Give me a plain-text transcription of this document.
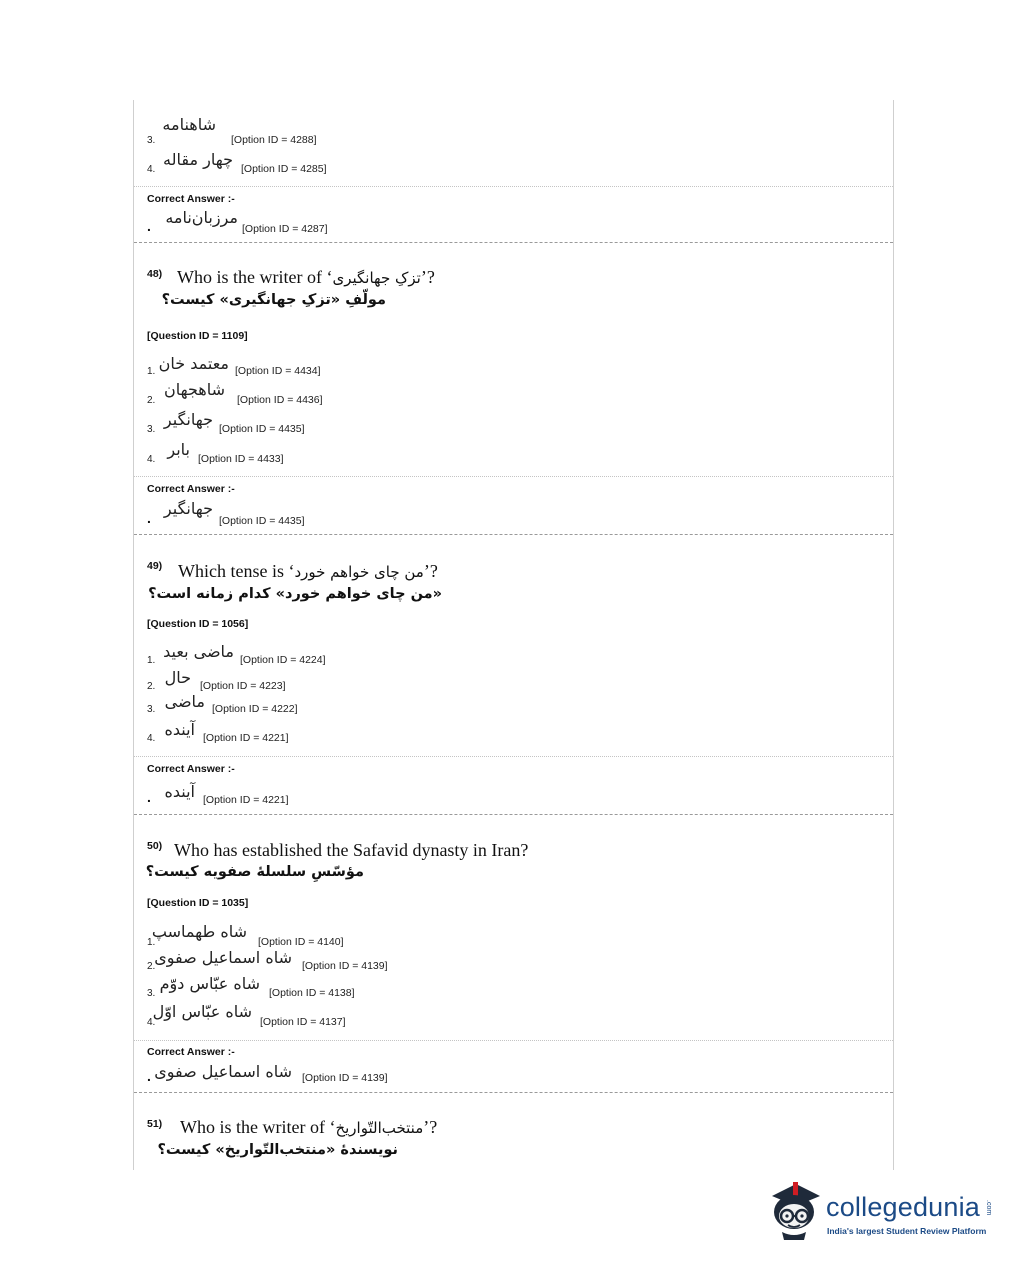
شاهنامه
3.	[Option ID = 4288]
چهار مقاله
4.	[Option ID = 4285]
Correct Answer :-
مرزبان‌نامه
.	[Option ID = 4287]
48) Who is the writer of ‘تزکِ جهانگیری’?
مولّفِ «تزکِ جهانگیری» کیست؟
[Question ID = 1109]
معتمد خان
1.	[Option ID = 4434]
شاهجهان
2.	[Option ID = 4436]
جهانگیر
3.	[Option ID = 4435]
بابر
4.	[Option ID = 4433]
Correct Answer :-
جهانگیر
.	[Option ID = 4435]
49) Which tense is ‘من چای خواهم خورد’?
«من چای خواهم خورد» کدام زمانه است؟
[Question ID = 1056]
ماضی بعید
1.	[Option ID = 4224]
حال
2.	[Option ID = 4223]
ماضی
3.	[Option ID = 4222]
آینده
4.	[Option ID = 4221]
Correct Answer :-
آینده
.	[Option ID = 4221]
50) Who has established the Safavid dynasty in Iran?
مؤسّسِ سلسلهٔ صفویه کیست؟
[Question ID = 1035]
شاه طهماسپ
1.	[Option ID = 4140]
شاه اسماعیل صفوی
2.	[Option ID = 4139]
شاه عبّاس دوّم
3.	[Option ID = 4138]
شاه عبّاس اوّل
4.	[Option ID = 4137]
Correct Answer :-
شاه اسماعیل صفوی
.	[Option ID = 4139]
51) Who is the writer of ‘منتخب‌التّواریخ’?
نویسندهٔ «منتخب‌التّواریخ» کیست؟
collegedunia .com
India's largest Student Review Platform
